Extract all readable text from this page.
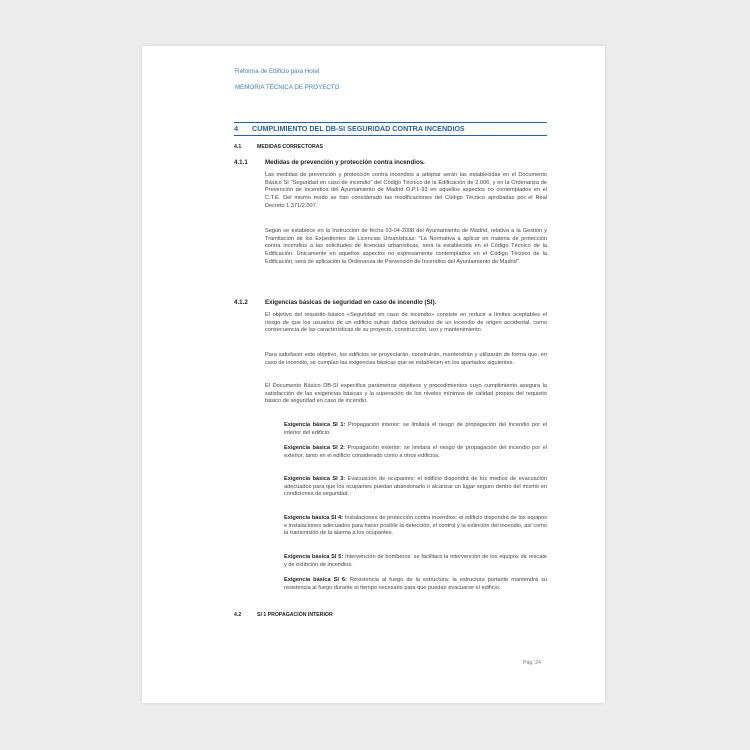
Reforma de Edificio para Hotel
MEMORIA TÉCNICA DE PROYECTO
4 CUMPLIMIENTO DEL DB-SI SEGURIDAD CONTRA INCENDIOS
4.1	MEDIDAS CORRECTORAS
4.1.1	Medidas de prevención y protección contra incendios.
Las medidas de prevención y protección contra incendios a adoptar serán las establecidas en el Documento Básico SI "Seguridad en caso de incendio" del Código Técnico de la Edificación de 2.006, y en la Ordenanza de Prevención de Incendios del Ayuntamiento de Madrid O.P.I.-93 en aquellos aspectos no contemplados en el C.T.E. Del mismo modo se han considerado las modificaciones del Código Técnico aprobadas por el Real Decreto 1.371/2.007.
Según se establece en la Instrucción de fecha 03-04-2008 del Ayuntamiento de Madrid, relativa a la Gestión y Tramitación de los Expedientes de Licencias Urbanísticas: "La Normativa a aplicar en materia de protección contra incendios a las solicitudes de licencias urbanísticas, será la establecida en el Código Técnico de la Edificación. Únicamente en aquellos aspectos no expresamente contemplados en el Código Técnico de la Edificación, será de aplicación la Ordenanza de Prevención de Incendios del Ayuntamiento de Madrid".
4.1.2	Exigencias básicas de seguridad en caso de incendio (SI).
El objetivo del requisito básico «Seguridad en caso de incendio» consiste en reducir a límites aceptables el riesgo de que los usuarios de un edificio sufran daños derivados de un incendio de origen accidental, como consecuencia de las características de su proyecto, construcción, uso y mantenimiento.
Para satisfacer este objetivo, los edificios se proyectarán, construirán, mantendrán y utilizarán de forma que, en caso de incendio, se cumplan las exigencias básicas que se establecen en los apartados siguientes.
El Documento Básico DB-SI especifica parámetros objetivos y procedimientos cuyo cumplimiento asegura la satisfacción de las exigencias básicas y la superación de los niveles mínimos de calidad propios del requisito básico de seguridad en caso de incendio.
Exigencia básica SI 1: Propagación interior: se limitará el riesgo de propagación del incendio por el interior del edificio.
Exigencia básica SI 2: Propagación exterior: se limitará el riesgo de propagación del incendio por el exterior, tanto en el edificio considerado como a otros edificios.
Exigencia básica SI 3: Evacuación de ocupantes: el edificio dispondrá de los medios de evacuación adecuados para que los ocupantes puedan abandonarlo o alcanzar un lugar seguro dentro del mismo en condiciones de seguridad.
Exigencia básica SI 4: Instalaciones de protección contra incendios: el edificio dispondrá de los equipos e instalaciones adecuados para hacer posible la detección, el control y la extinción del incendio, así como la transmisión de la alarma a los ocupantes.
Exigencia básica SI 5: Intervención de bomberos: se facilitará la intervención de los equipos de rescate y de extinción de incendios.
Exigencia básica SI 6: Resistencia al fuego de la estructura: la estructura portante mantendrá su resistencia al fuego durante el tiempo necesario para que puedan evacuarse el edificio.
4.2	SI 1 PROPAGACIÓN INTERIOR
Pág. 24
